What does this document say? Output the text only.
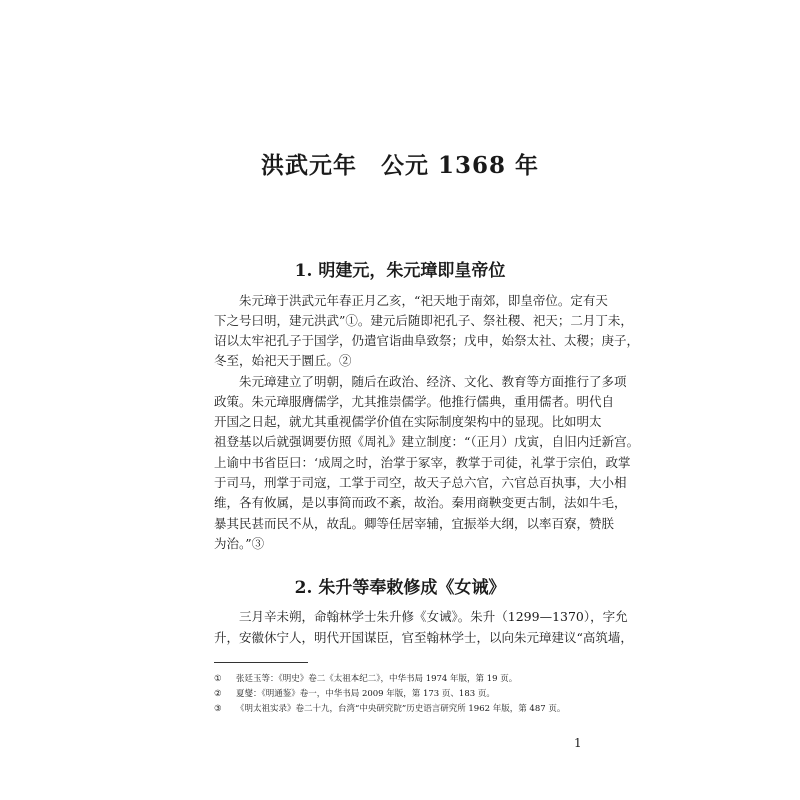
洪武元年　公元 1368 年
1. 明建元，朱元璋即皇帝位
　　朱元璋于洪武元年春正月乙亥，“祀天地于南郊，即皇帝位。定有天
下之号曰明，建元洪武”①。建元后随即祀孔子、祭社稷、祀天；二月丁未，
诏以太牢祀孔子于国学，仍遣官诣曲阜致祭；戊申，始祭太社、太稷；庚子，
冬至，始祀天于圜丘。②
　　朱元璋建立了明朝，随后在政治、经济、文化、教育等方面推行了多项
政策。朱元璋服膺儒学，尤其推崇儒学。他推行儒典，重用儒者。明代自
开国之日起，就尤其重视儒学价值在实际制度架构中的显现。比如明太
祖登基以后就强调要仿照《周礼》建立制度：“（正月）戊寅，自旧内迁新宫。
上谕中书省臣曰：‘成周之时，治掌于冢宰，教掌于司徒，礼掌于宗伯，政掌
于司马，刑掌于司寇，工掌于司空，故天子总六官，六官总百执事，大小相
维，各有攸属，是以事简而政不紊，故治。秦用商鞅变更古制，法如牛毛，
暴其民甚而民不从，故乱。卿等任居宰辅，宜振举大纲，以率百寮，赞朕
为治。”③
2. 朱升等奉敕修成《女诫》
　　三月辛未朔，命翰林学士朱升修《女诫》。朱升（1299—1370），字允
升，安徽休宁人，明代开国谋臣，官至翰林学士，以向朱元璋建议“高筑墙，
① 张廷玉等：《明史》卷二《太祖本纪二》，中华书局 1974 年版，第 19 页。
② 夏燮：《明通鉴》卷一，中华书局 2009 年版，第 173 页、183 页。
③ 《明太祖实录》卷二十九，台湾“中央研究院”历史语言研究所 1962 年版，第 487 页。
1
